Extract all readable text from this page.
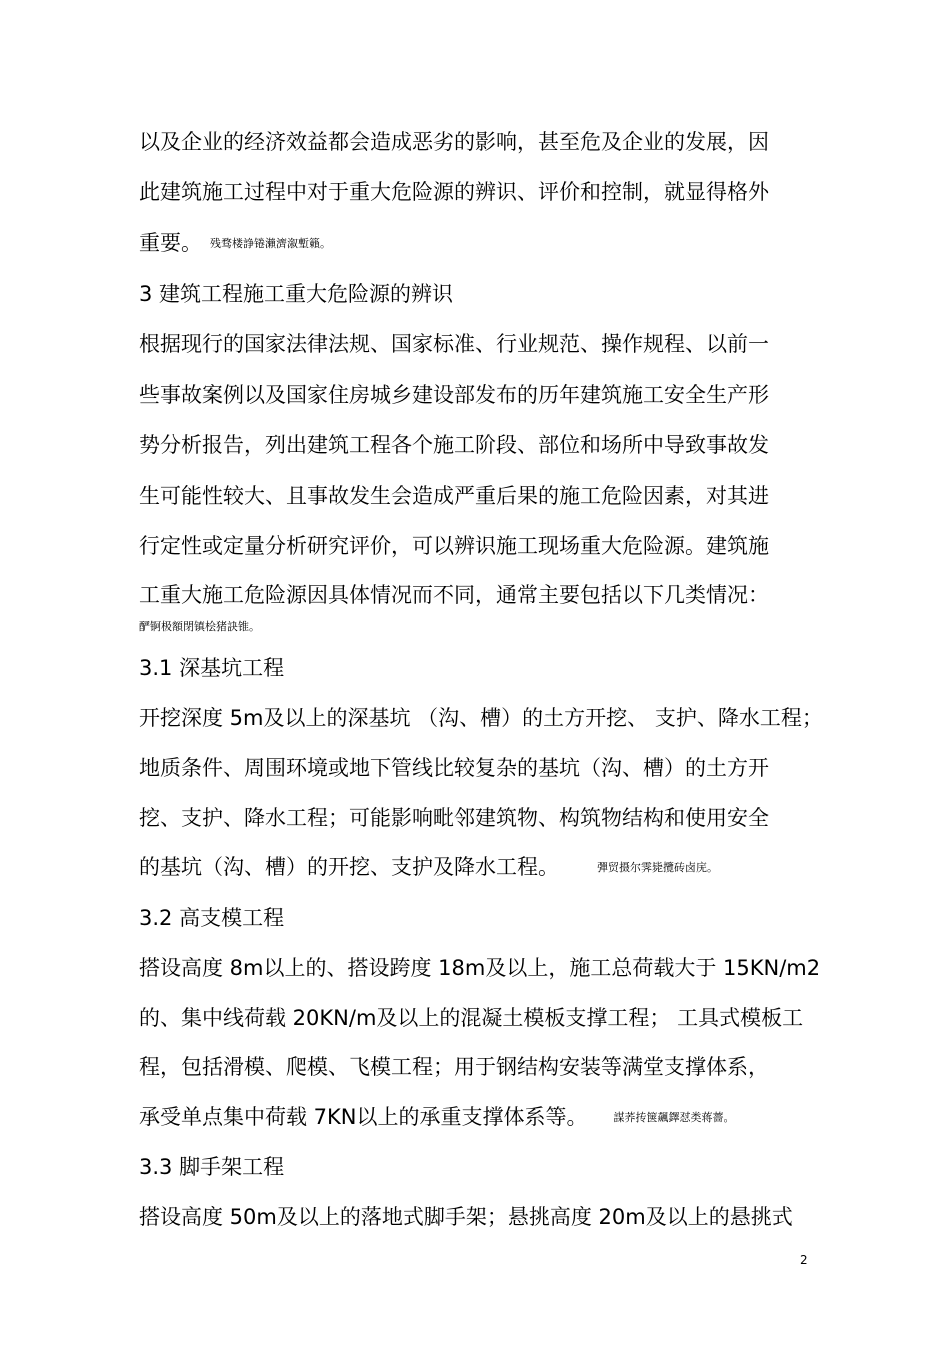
以及企业的经济效益都会造成恶劣的影响，甚至危及企业的发展，因
此建筑施工过程中对于重大危险源的辨识、评价和控制，就显得格外
重要。 残骛楼諍锩瀨濟溆塹籟。
3 建筑工程施工重大危险源的辨识
根据现行的国家法律法规、国家标准、行业规范、操作规程、以前一
些事故案例以及国家住房城乡建设部发布的历年建筑施工安全生产形
势分析报告，列出建筑工程各个施工阶段、部位和场所中导致事故发
生可能性较大、且事故发生会造成严重后果的施工危险因素，对其进
行定性或定量分析研究评价，可以辨识施工现场重大危险源。建筑施
工重大施工危险源因具体情况而不同，通常主要包括以下几类情况：
酽锕极額閉镇桧猪訣锥。
3.1 深基坑工程
开挖深度 5m及以上的深基坑 （沟、槽）的土方开挖、 支护、降水工程；
地质条件、周围环境或地下管线比较复杂的基坑（沟、槽）的土方开
挖、支护、降水工程；可能影响毗邻建筑物、构筑物结构和使用安全
的基坑（沟、槽）的开挖、支护及降水工程。	彈贸摄尔霁毙攬砖卤庑。
3.2 高支模工程
搭设高度 8m以上的、搭设跨度 18m及以上，施工总荷载大于 15KN/m2
的、集中线荷载 20KN/m及以上的混凝土模板支撑工程； 工具式模板工
程，包括滑模、爬模、飞模工程；用于钢结构安装等满堂支撑体系，
承受单点集中荷载 7KN以上的承重支撑体系等。 謀荞抟箧飆鐸怼类蒋薔。
3.3 脚手架工程
搭设高度 50m及以上的落地式脚手架；悬挑高度 20m及以上的悬挑式
2
